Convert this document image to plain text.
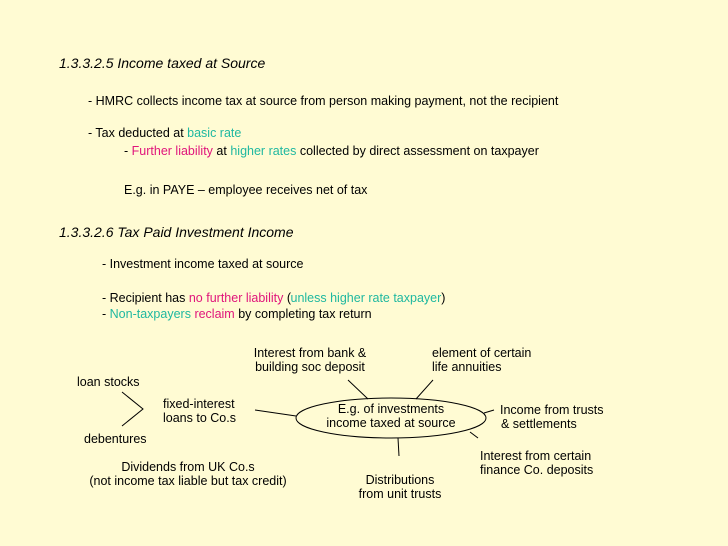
1.3.3.2.5 Income taxed at Source
- HMRC collects income tax at source from person making payment, not the recipient
- Tax deducted at basic rate
- Further liability at higher rates collected by direct assessment on taxpayer
E.g. in PAYE – employee receives net of tax
1.3.3.2.6 Tax Paid Investment Income
- Investment income taxed at source
- Recipient has no further liability ( unless higher rate taxpayer)
- Non-taxpayers reclaim by completing tax return
E.g. of investments
income taxed at source
Interest from bank &
building soc deposit
element of certain
life annuities
Income from trusts
& settlements
Interest from certain
finance Co. deposits
Distributions
from unit trusts
Dividends from UK Co.s
(not income tax liable but tax credit)
fixed-interest
loans to Co.s
loan stocks
debentures
